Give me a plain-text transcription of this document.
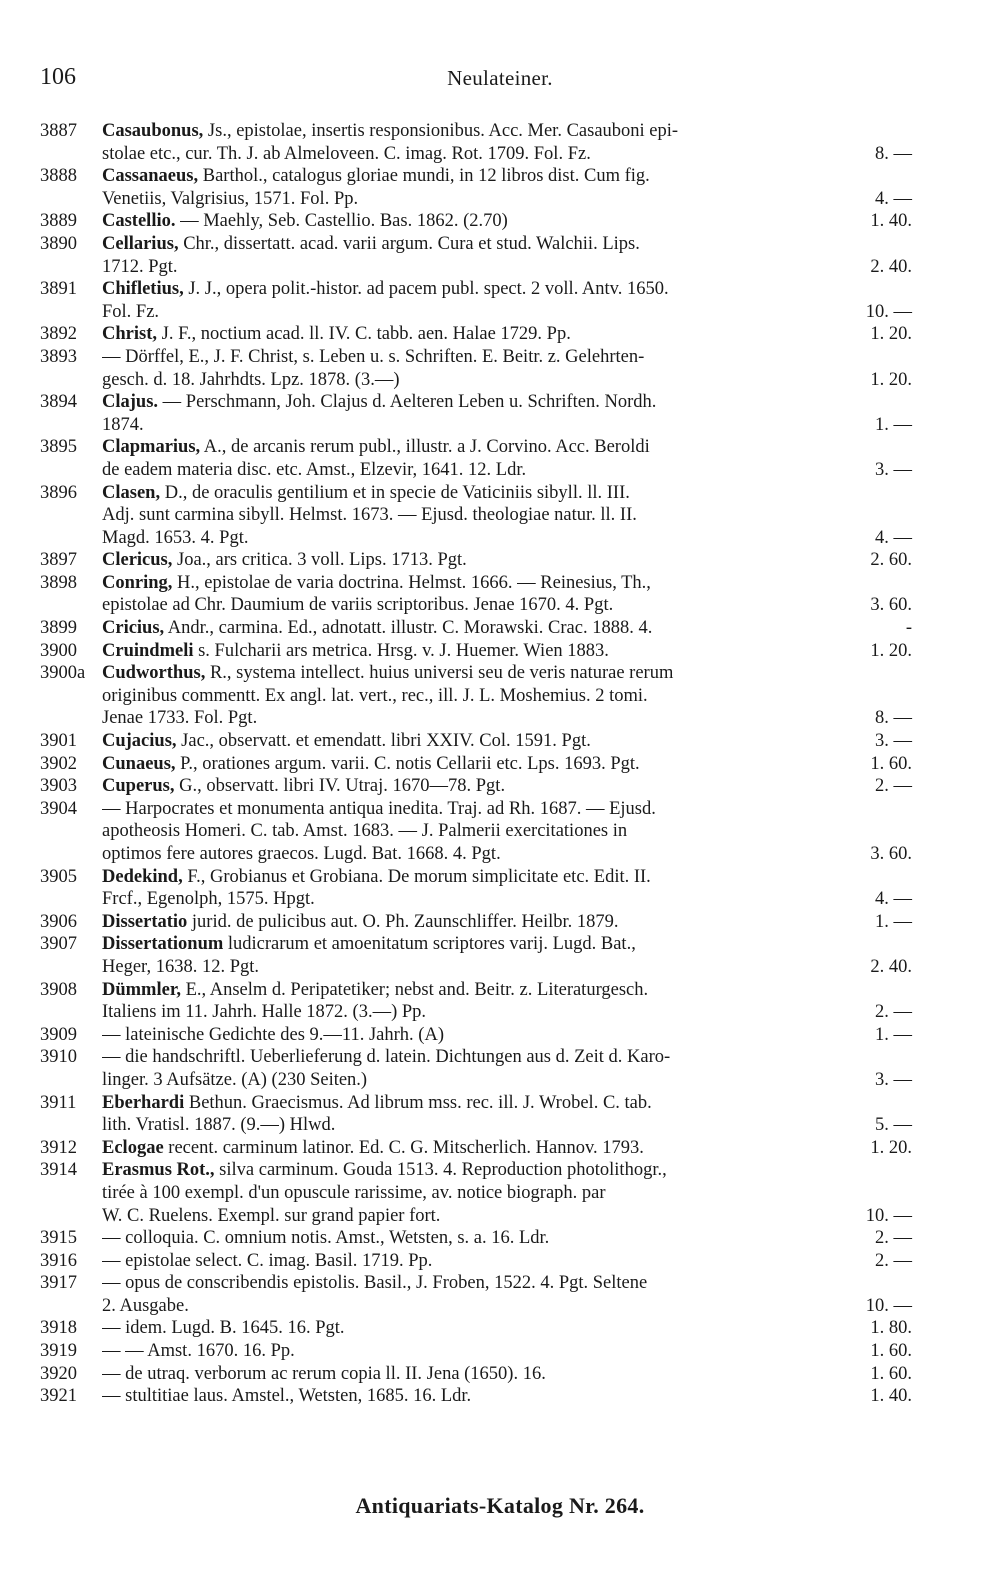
106	Neulateiner.
3887 Casaubonus, Js., epistolae, insertis responsionibus. Acc. Mer. Casauboni epi-
stolae etc., cur. Th. J. ab Almeloveen. C. imag. Rot. 1709. Fol. Fz.	8. —
3888 Cassanaeus, Barthol., catalogus gloriae mundi, in 12 libros dist. Cum fig.
Venetiis, Valgrisius, 1571. Fol. Pp.	4. —
3889 Castellio. — Maehly, Seb. Castellio. Bas. 1862. (2.70)	1. 40.
3890 Cellarius, Chr., dissertatt. acad. varii argum. Cura et stud. Walchii. Lips.
1712. Pgt.	2. 40.
3891 Chifletius, J. J., opera polit.-histor. ad pacem publ. spect. 2 voll. Antv. 1650.
Fol. Fz.	10. —
3892 Christ, J. F., noctium acad. ll. IV. C. tabb. aen. Halae 1729. Pp.	1. 20.
3893 — Dörffel, E., J. F. Christ, s. Leben u. s. Schriften. E. Beitr. z. Gelehrten-
gesch. d. 18. Jahrhdts. Lpz. 1878. (3.—)	1. 20.
3894 Clajus. — Perschmann, Joh. Clajus d. Aelteren Leben u. Schriften. Nordh.
1874.	1. —
3895 Clapmarius, A., de arcanis rerum publ., illustr. a J. Corvino. Acc. Beroldi
de eadem materia disc. etc. Amst., Elzevir, 1641. 12. Ldr.	3. —
3896 Clasen, D., de oraculis gentilium et in specie de Vaticiniis sibyll. ll. III.
Adj. sunt carmina sibyll. Helmst. 1673. — Ejusd. theologiae natur. ll. II.
Magd. 1653. 4. Pgt.	4. —
3897 Clericus, Joa., ars critica. 3 voll. Lips. 1713. Pgt.	2. 60.
3898 Conring, H., epistolae de varia doctrina. Helmst. 1666. — Reinesius, Th.,
epistolae ad Chr. Daumium de variis scriptoribus. Jenae 1670. 4. Pgt.	3. 60.
3899 Cricius, Andr., carmina. Ed., adnotatt. illustr. C. Morawski. Crac. 1888. 4.	-
3900 Cruindmeli s. Fulcharii ars metrica. Hrsg. v. J. Huemer. Wien 1883.	1. 20.
3900a Cudworthus, R., systema intellect. huius universi seu de veris naturae rerum
originibus commentt. Ex angl. lat. vert., rec., ill. J. L. Moshemius. 2 tomi.
Jenae 1733. Fol. Pgt.	8. —
3901 Cujacius, Jac., observatt. et emendatt. libri XXIV. Col. 1591. Pgt.	3. —
3902 Cunaeus, P., orationes argum. varii. C. notis Cellarii etc. Lps. 1693. Pgt.	1. 60.
3903 Cuperus, G., observatt. libri IV. Utraj. 1670—78. Pgt.	2. —
3904 — Harpocrates et monumenta antiqua inedita. Traj. ad Rh. 1687. — Ejusd.
apotheosis Homeri. C. tab. Amst. 1683. — J. Palmerii exercitationes in
optimos fere autores graecos. Lugd. Bat. 1668. 4. Pgt.	3. 60.
3905 Dedekind, F., Grobianus et Grobiana. De morum simplicitate etc. Edit. II.
Frcf., Egenolph, 1575. Hpgt.	4. —
3906 Dissertatio jurid. de pulicibus aut. O. Ph. Zaunschliffer. Heilbr. 1879.	1. —
3907 Dissertationum ludicrarum et amoenitatum scriptores varij. Lugd. Bat.,
Heger, 1638. 12. Pgt.	2. 40.
3908 Dümmler, E., Anselm d. Peripatetiker; nebst and. Beitr. z. Literaturgesch.
Italiens im 11. Jahrh. Halle 1872. (3.—) Pp.	2. —
3909 — lateinische Gedichte des 9.—11. Jahrh. (A)	1. —
3910 — die handschriftl. Ueberlieferung d. latein. Dichtungen aus d. Zeit d. Karo-
linger. 3 Aufsätze. (A) (230 Seiten.)	3. —
3911 Eberhardi Bethun. Graecismus. Ad librum mss. rec. ill. J. Wrobel. C. tab.
lith. Vratisl. 1887. (9.—) Hlwd.	5. —
3912 Eclogae recent. carminum latinor. Ed. C. G. Mitscherlich. Hannov. 1793.	1. 20.
3914 Erasmus Rot., silva carminum. Gouda 1513. 4. Reproduction photolithogr.,
tirée à 100 exempl. d'un opuscule rarissime, av. notice biograph. par
W. C. Ruelens. Exempl. sur grand papier fort.	10. —
3915 — colloquia. C. omnium notis. Amst., Wetsten, s. a. 16. Ldr.	2. —
3916 — epistolae select. C. imag. Basil. 1719. Pp.	2. —
3917 — opus de conscribendis epistolis. Basil., J. Froben, 1522. 4. Pgt. Seltene
2. Ausgabe.	10. —
3918 — idem. Lugd. B. 1645. 16. Pgt.	1. 80.
3919 — — Amst. 1670. 16. Pp.	1. 60.
3920 — de utraq. verborum ac rerum copia ll. II. Jena (1650). 16.	1. 60.
3921 — stultitiae laus. Amstel., Wetsten, 1685. 16. Ldr.	1. 40.
Antiquariats-Katalog Nr. 264.
